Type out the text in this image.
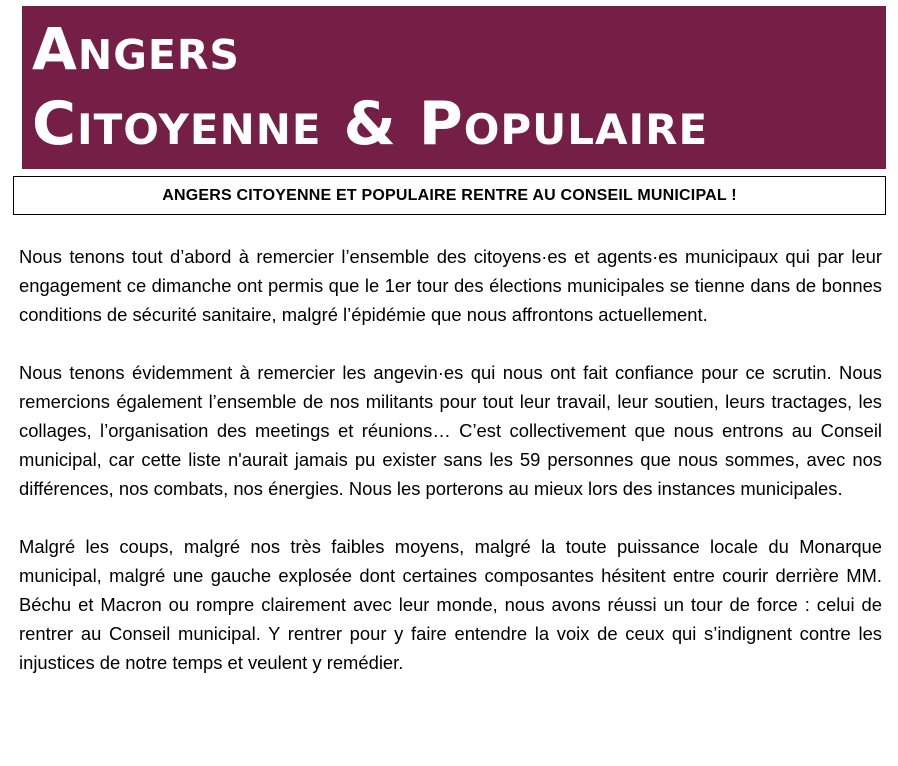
Angers
Citoyenne & Populaire
ANGERS CITOYENNE ET POPULAIRE RENTRE AU CONSEIL MUNICIPAL !

Nous tenons tout d’abord à remercier l’ensemble des citoyens·es et agents·es municipaux qui par leur engagement ce dimanche ont permis que le 1er tour des élections municipales se tienne dans de bonnes conditions de sécurité sanitaire, malgré l’épidémie que nous affrontons actuellement.

Nous tenons évidemment à remercier les angevin·es qui nous ont fait confiance pour ce scrutin. Nous remercions également l’ensemble de nos militants pour tout leur travail, leur soutien, leurs tractages, les collages, l’organisation des meetings et réunions… C’est collectivement que nous entrons au Conseil municipal, car cette liste n'aurait jamais pu exister sans les 59 personnes que nous sommes, avec nos différences, nos combats, nos énergies. Nous les porterons au mieux lors des instances municipales.

Malgré les coups, malgré nos très faibles moyens, malgré la toute puissance locale du Monarque municipal, malgré une gauche explosée dont certaines composantes hésitent entre courir derrière MM. Béchu et Macron ou rompre clairement avec leur monde, nous avons réussi un tour de force : celui de rentrer au Conseil municipal. Y rentrer pour y faire entendre la voix de ceux qui s’indignent contre les injustices de notre temps et veulent y remédier.
